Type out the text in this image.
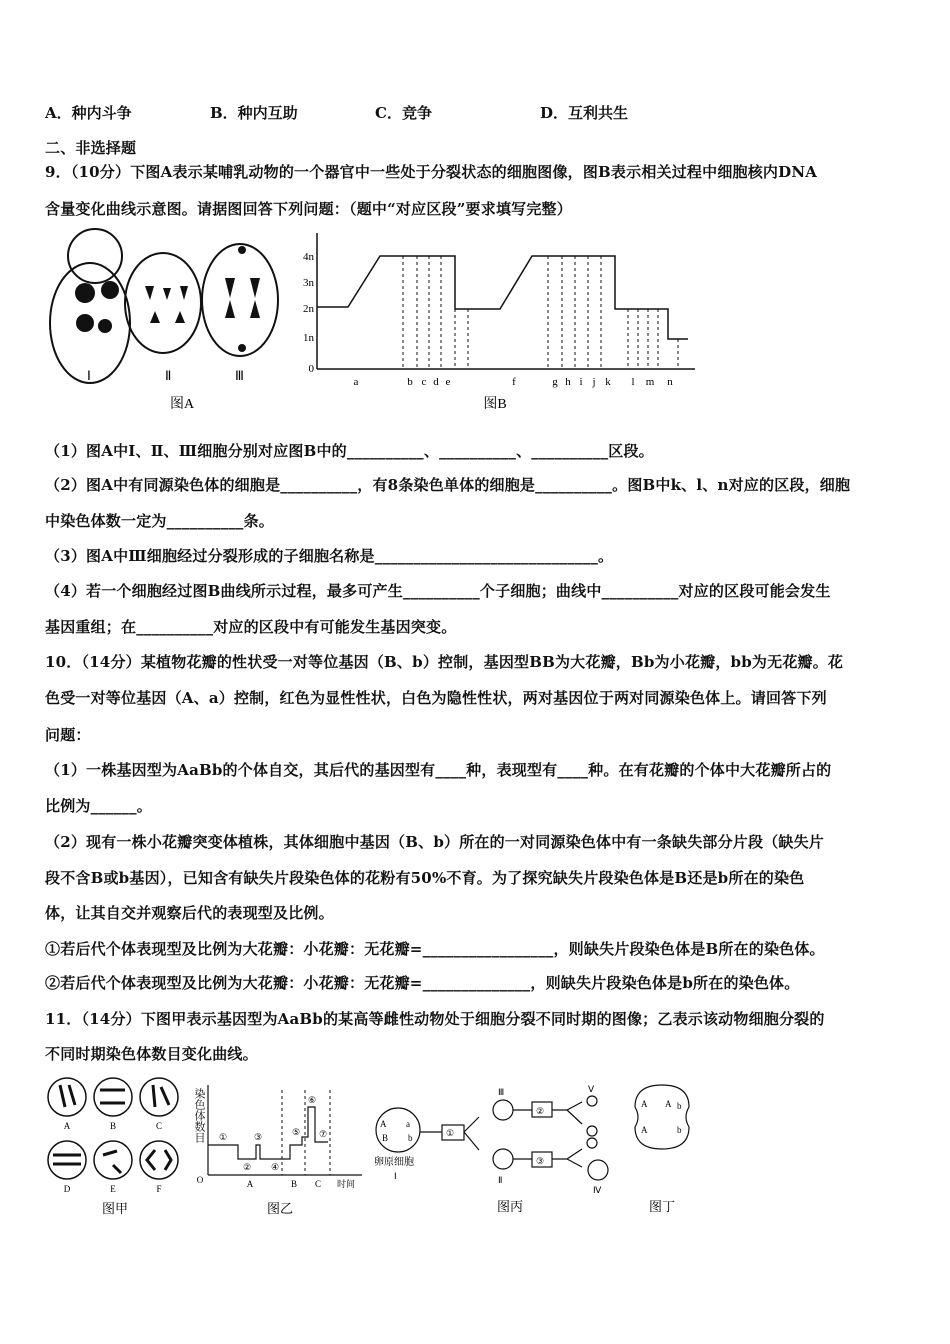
A．种内斗争	B．种内互助	C．竞争	D．互利共生
二、非选择题
9．（10分）下图A表示某哺乳动物的一个器官中一些处于分裂状态的细胞图像，图B表示相关过程中细胞核内DNA
含量变化曲线示意图。请据图回答下列问题：（题中“对应区段”要求填写完整）
Ⅰ	Ⅱ	Ⅲ
图A
4n
3n
2n
1n
0
a	b c d e	f	g h i j k l m n
图B
（1）图A中Ⅰ、Ⅱ、Ⅲ细胞分别对应图B中的__________、__________、__________区段。
（2）图A中有同源染色体的细胞是__________，有8条染色单体的细胞是__________。图B中k、l、n对应的区段，细胞
中染色体数一定为__________条。
（3）图A中Ⅲ细胞经过分裂形成的子细胞名称是_____________________________。
（4）若一个细胞经过图B曲线所示过程，最多可产生__________个子细胞；曲线中__________对应的区段可能会发生
基因重组；在__________对应的区段中有可能发生基因突变。
10．（14分）某植物花瓣的性状受一对等位基因（B、b）控制，基因型BB为大花瓣，Bb为小花瓣，bb为无花瓣。花
色受一对等位基因（A、a）控制，红色为显性性状，白色为隐性性状，两对基因位于两对同源染色体上。请回答下列
问题：
（1）一株基因型为AaBb的个体自交，其后代的基因型有____种，表现型有____种。在有花瓣的个体中大花瓣所占的
比例为______。
（2）现有一株小花瓣突变体植株，其体细胞中基因（B、b）所在的一对同源染色体中有一条缺失部分片段（缺失片
段不含B或b基因），已知含有缺失片段染色体的花粉有50%不育。为了探究缺失片段染色体是B还是b所在的染色
体，让其自交并观察后代的表现型及比例。
①若后代个体表现型及比例为大花瓣：小花瓣：无花瓣=_________________，则缺失片段染色体是B所在的染色体。
②若后代个体表现型及比例为大花瓣：小花瓣：无花瓣=______________，则缺失片段染色体是b所在的染色体。
11．（14分）下图甲表示基因型为AaBb的某高等雌性动物处于细胞分裂不同时期的图像；乙表示该动物细胞分裂的
不同时期染色体数目变化曲线。
A	B	C
D	E	F
图甲
O	A	B C 时间
①
②
③
④
⑤
⑥
⑦
图乙
染色体数目	A a
B b
卵原细胞
Ⅰ
①
②
③
Ⅲ
Ⅱ
Ⅴ
Ⅳ
图丙
A A b
A	b
图丁
